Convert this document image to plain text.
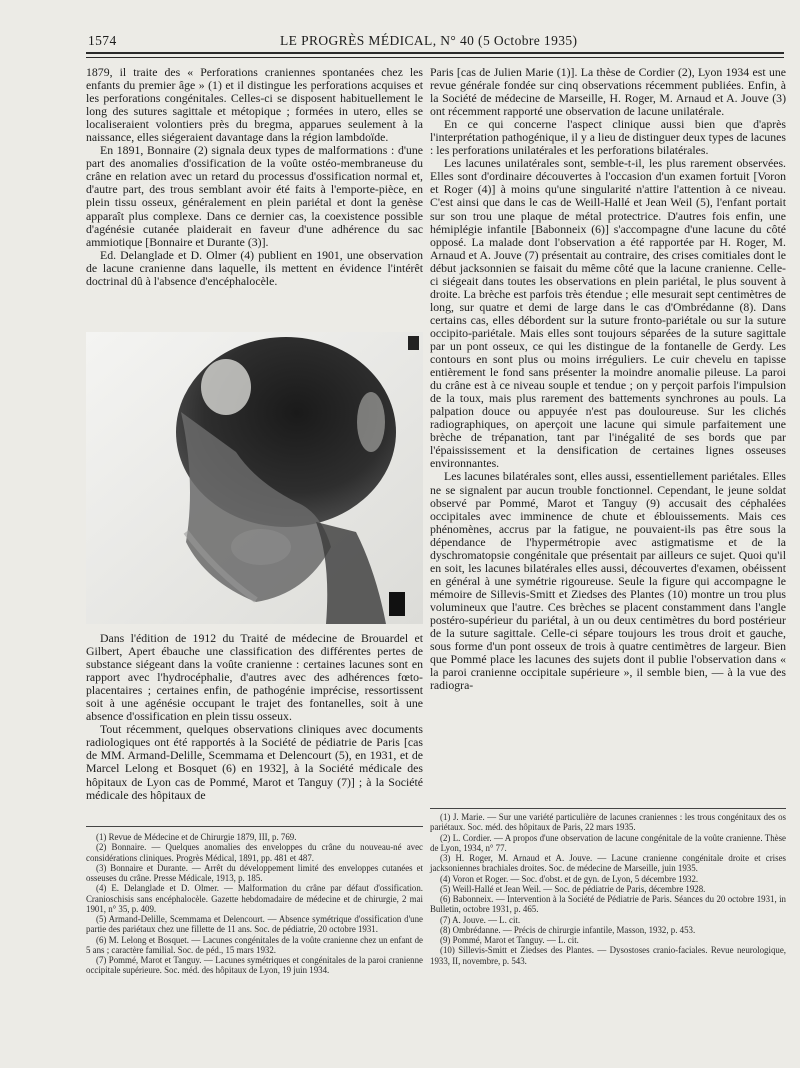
1574	LE PROGRÈS MÉDICAL, N° 40 (5 Octobre 1935)

1879, il traite des « Perforations craniennes spontanées chez les enfants du premier âge » (1) et il distingue les perforations acquises et les perforations congénitales. Celles-ci se disposent habituellement le long des sutures sagittale et métopique ; formées in utero, elles se localiseraient volontiers près du bregma, apparues seulement à la naissance, elles siégeraient davantage dans la région lambdoïde.

En 1891, Bonnaire (2) signala deux types de malformations : d'une part des anomalies d'ossification de la voûte ostéo-membraneuse du crâne en relation avec un retard du processus d'ossification normal et, d'autre part, des trous semblant avoir été faits à l'emporte-pièce, en plein tissu osseux, généralement en plein pariétal et dont la genèse apparaît plus complexe. Dans ce dernier cas, la coexistence possible d'agénésie cutanée plaiderait en faveur d'une adhérence du sac ammiotique [Bonnaire et Durante (3)].

Ed. Delanglade et D. Olmer (4) publient en 1901, une observation de lacune cranienne dans laquelle, ils mettent en évidence l'intérêt doctrinal dû à l'absence d'encéphalocèle.

Dans l'édition de 1912 du Traité de médecine de Brouardel et Gilbert, Apert ébauche une classification des différentes pertes de substance siégeant dans la voûte cranienne : certaines lacunes sont en rapport avec l'hydrocéphalie, d'autres avec des adhérences fœto-placentaires ; certaines enfin, de pathogénie imprécise, ressortissent soit à une agénésie occupant le trajet des fontanelles, soit à une absence d'ossification en plein tissu osseux.

Tout récemment, quelques observations cliniques avec documents radiologiques ont été rapportés à la Société de pédiatrie de Paris [cas de MM. Armand-Delille, Scemmama et Delencourt (5), en 1931, et de Marcel Lelong et Bosquet (6) en 1932], à la Société médicale des hôpitaux de Lyon cas de Pommé, Marot et Tanguy (7)] ; à la Société médicale des hôpitaux de

Paris [cas de Julien Marie (1)]. La thèse de Cordier (2), Lyon 1934 est une revue générale fondée sur cinq observations récemment publiées. Enfin, à la Société de médecine de Marseille, H. Roger, M. Arnaud et A. Jouve (3) ont récemment rapporté une observation de lacune unilatérale.

En ce qui concerne l'aspect clinique aussi bien que d'après l'interprétation pathogénique, il y a lieu de distinguer deux types de lacunes : les perforations unilatérales et les perforations bilatérales.

Les lacunes unilatérales sont, semble-t-il, les plus rarement observées. Elles sont d'ordinaire découvertes à l'occasion d'un examen fortuit [Voron et Roger (4)] à moins qu'une singularité n'attire l'attention à ce niveau. C'est ainsi que dans le cas de Weill-Hallé et Jean Weil (5), l'enfant portait sur son trou une plaque de métal protectrice. D'autres fois enfin, une hémiplégie infantile [Babonneix (6)] s'accompagne d'une lacune du côté opposé. La malade dont l'observation a été rapportée par H. Roger, M. Arnaud et A. Jouve (7) présentait au contraire, des crises comitiales dont le début jacksonnien se faisait du même côté que la lacune cranienne. Celle-ci siégeait dans toutes les observations en plein pariétal, le plus souvent à droite. La brèche est parfois très étendue ; elle mesurait sept centimètres de long, sur quatre et demi de large dans le cas d'Ombrédanne (8). Dans certains cas, elles débordent sur la suture fronto-pariétale ou sur la suture occipito-pariétale. Mais elles sont toujours séparées de la suture sagittale par un pont osseux, ce qui les distingue de la fontanelle de Gerdy. Les contours en sont plus ou moins irréguliers. Le cuir chevelu en tapisse entièrement le fond sans présenter la moindre anomalie pileuse. La paroi du crâne est à ce niveau souple et tendue ; on y perçoit parfois l'impulsion de la toux, mais plus rarement des battements synchrones au pouls. La palpation douce ou appuyée n'est pas douloureuse. Sur les clichés radiographiques, on aperçoit une lacune qui simule parfaitement une brèche de trépanation, tant par l'inégalité de ses bords que par l'épaississement et la densification de certaines lignes osseuses environnantes.

Les lacunes bilatérales sont, elles aussi, essentiellement pariétales. Elles ne se signalent par aucun trouble fonctionnel. Cependant, le jeune soldat observé par Pommé, Marot et Tanguy (9) accusait des céphalées occipitales avec imminence de chute et éblouissements. Mais ces phénomènes, accrus par la fatigue, ne pouvaient-ils pas être sous la dépendance de l'hypermétropie avec astigmatisme et de la dyschromatopsie congénitale que présentait par ailleurs ce sujet. Quoi qu'il en soit, les lacunes bilatérales elles aussi, découvertes d'examen, obéissent en général à une symétrie rigoureuse. Seule la figure qui accompagne le mémoire de Sillevis-Smitt et Ziedses des Plantes (10) montre un trou plus volumineux que l'autre. Ces brèches se placent constamment dans l'angle postéro-supérieur du pariétal, à un ou deux centimètres du bord postérieur de la suture sagittale. Celle-ci sépare toujours les trous droit et gauche, sous forme d'un pont osseux de trois à quatre centimètres de largeur. Bien que Pommé place les lacunes des sujets dont il publie l'observation dans « la paroi cranienne occipitale supérieure », il semble bien, — à la vue des radiogra-

(1) Revue de Médecine et de Chirurgie 1879, III, p. 769.

(2) Bonnaire. — Quelques anomalies des enveloppes du crâne du nouveau-né avec considérations cliniques. Progrès Médical, 1891, pp. 481 et 487.

(3) Bonnaire et Durante. — Arrêt du développement limité des enveloppes cutanées et osseuses du crâne. Presse Médicale, 1913, p. 185.

(4) E. Delanglade et D. Olmer. — Malformation du crâne par défaut d'ossification. Cranioschisis sans encéphalocèle. Gazette hebdomadaire de médecine et de chirurgie, 2 mai 1901, n° 35, p. 409.

(5) Armand-Delille, Scemmama et Delencourt. — Absence symétrique d'ossification d'une partie des pariétaux chez une fillette de 11 ans. Soc. de pédiatrie, 20 octobre 1931.

(6) M. Lelong et Bosquet. — Lacunes congénitales de la voûte cranienne chez un enfant de 5 ans ; caractère familial. Soc. de péd., 15 mars 1932.

(7) Pommé, Marot et Tanguy. — Lacunes symétriques et congénitales de la paroi cranienne occipitale supérieure. Soc. méd. des hôpitaux de Lyon, 19 juin 1934.

(1) J. Marie. — Sur une variété particulière de lacunes craniennes : les trous congénitaux des os pariétaux. Soc. méd. des hôpitaux de Paris, 22 mars 1935.

(2) L. Cordier. — A propos d'une observation de lacune congénitale de la voûte cranienne. Thèse de Lyon, 1934, n° 77.

(3) H. Roger, M. Arnaud et A. Jouve. — Lacune cranienne congénitale droite et crises jacksoniennes brachiales droites. Soc. de médecine de Marseille, juin 1935.

(4) Voron et Roger. — Soc. d'obst. et de gyn. de Lyon, 5 décembre 1932.

(5) Weill-Hallé et Jean Weil. — Soc. de pédiatrie de Paris, décembre 1928.

(6) Babonneix. — Intervention à la Société de Pédiatrie de Paris. Séances du 20 octobre 1931, in Bulletin, octobre 1931, p. 465.

(7) A. Jouve. — L. cit.

(8) Ombrédanne. — Précis de chirurgie infantile, Masson, 1932, p. 453.

(9) Pommé, Marot et Tanguy. — L. cit.

(10) Sillevis-Smitt et Ziedses des Plantes. — Dysostoses cranio-faciales. Revue neurologique, 1933, II, novembre, p. 543.
